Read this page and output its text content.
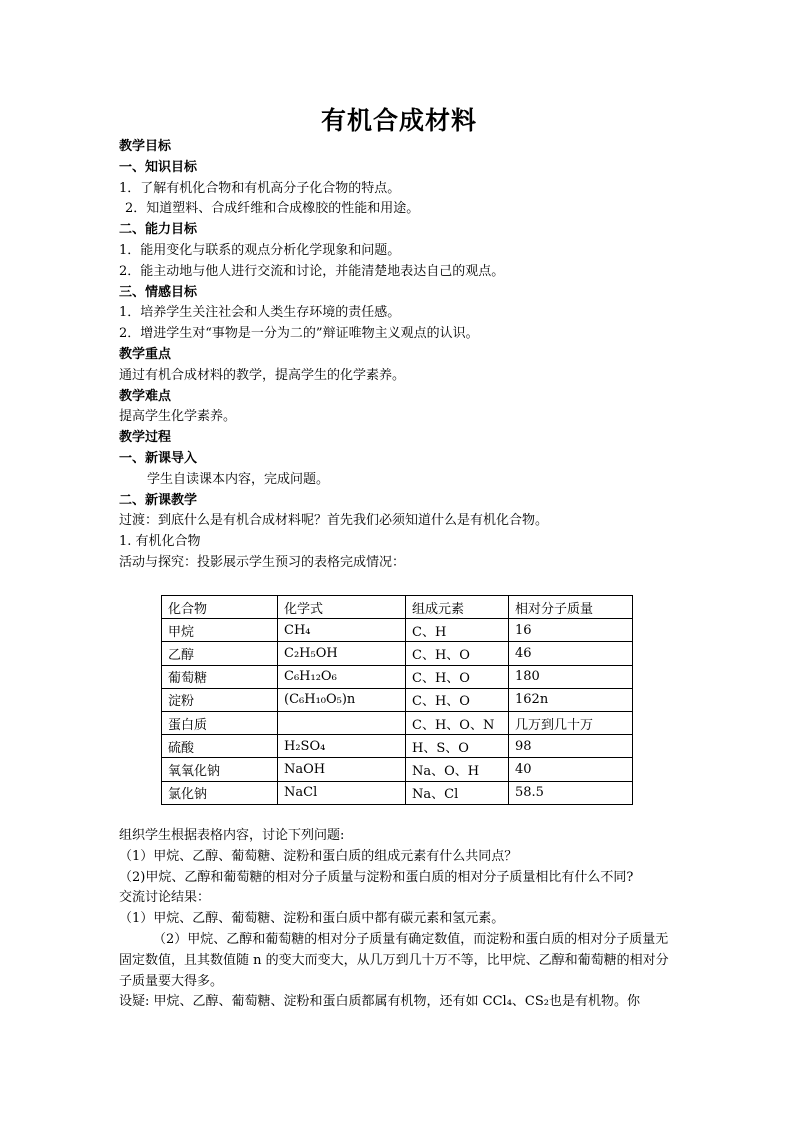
有机合成材料
教学目标
一、知识目标
1．了解有机化合物和有机高分子化合物的特点。
2．知道塑料、合成纤维和合成橡胶的性能和用途。
二、能力目标
1．能用变化与联系的观点分析化学现象和问题。
2．能主动地与他人进行交流和讨论，并能清楚地表达自己的观点。
三、情感目标
1．培养学生关注社会和人类生存环境的责任感。
2．增进学生对“事物是一分为二的”辩证唯物主义观点的认识。
教学重点
通过有机合成材料的教学，提高学生的化学素养。
教学难点
提高学生化学素养。
教学过程
一、新课导入
学生自读课本内容，完成问题。
二、新课教学
过渡：到底什么是有机合成材料呢？首先我们必须知道什么是有机化合物。
1. 有机化合物
活动与探究：投影展示学生预习的表格完成情况：
化合物	化学式	组成元素	相对分子质量
甲烷	CH₄	C、H	16
乙醇	C₂H₅OH	C、H、O	46
葡萄糖	C₆H₁₂O₆	C、H、O	180
淀粉	(C₆H₁₀O₅)n	C、H、O	162n
蛋白质		C、H、O、N	几万到几十万
硫酸	H₂SO₄	H、S、O	98
氧氧化钠	NaOH	Na、O、H	40
氯化钠	NaCl	Na、Cl	58.5
组织学生根据表格内容，讨论下列问题:
（1）甲烷、乙醇、葡萄糖、淀粉和蛋白质的组成元素有什么共同点？
（2)甲烷、乙醇和葡萄糖的相对分子质量与淀粉和蛋白质的相对分子质量相比有什么不同?
交流讨论结果：
（1）甲烷、乙醇、葡萄糖、淀粉和蛋白质中都有碳元素和氢元素。
（2）甲烷、乙醇和葡萄糖的相对分子质量有确定数值，而淀粉和蛋白质的相对分子质量无固定数值，且其数值随 n 的变大而变大，从几万到几十万不等，比甲烷、乙醇和葡萄糖的相对分子质量要大得多。
设疑: 甲烷、乙醇、葡萄糖、淀粉和蛋白质都属有机物，还有如 CCl₄、CS₂也是有机物。你
